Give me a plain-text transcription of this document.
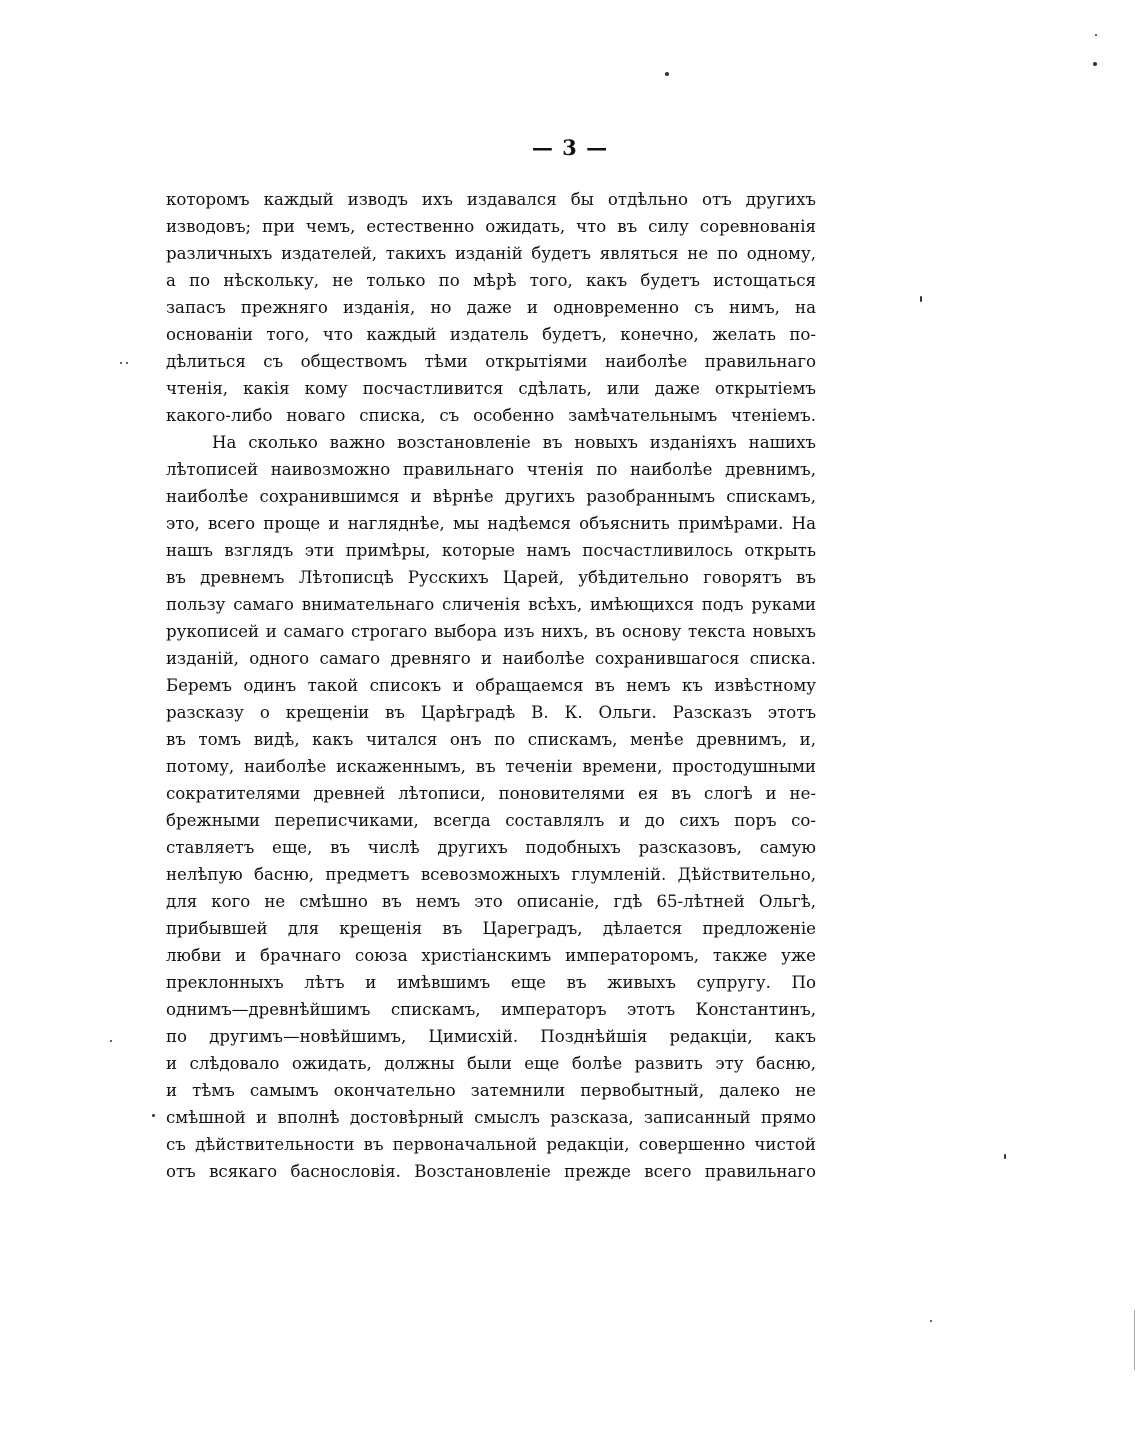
— 3 —
которомъ каждый изводъ ихъ издавался бы отдѣльно отъ другихъ
изводовъ; при чемъ, естественно ожидать, что въ силу соревнованія
различныхъ издателей, такихъ изданій будетъ являться не по одному,
а по нѣскольку, не только по мѣрѣ того, какъ будетъ истощаться
запасъ прежняго изданія, но даже и одновременно съ нимъ, на
основаніи того, что каждый издатель будетъ, конечно, желать по-
дѣлиться съ обществомъ тѣми открытіями наиболѣе правильнаго
чтенія, какія кому посчастливится сдѣлать, или даже открытіемъ
какого-либо новаго списка, съ особенно замѣчательнымъ чтеніемъ.
На сколько важно возстановленіе въ новыхъ изданіяхъ нашихъ
лѣтописей наивозможно правильнаго чтенія по наиболѣе древнимъ,
наиболѣе сохранившимся и вѣрнѣе другихъ разобраннымъ спискамъ,
это, всего проще и нагляднѣе, мы надѣемся объяснить примѣрами. На
нашъ взглядъ эти примѣры, которые намъ посчастливилось открыть
въ древнемъ Лѣтописцѣ Русскихъ Царей, убѣдительно говорятъ въ
пользу самаго внимательнаго сличенія всѣхъ, имѣющихся подъ руками
рукописей и самаго строгаго выбора изъ нихъ, въ основу текста новыхъ
изданій, одного самаго древняго и наиболѣе сохранившагося списка.
Беремъ одинъ такой списокъ и обращаемся въ немъ къ извѣстному
разсказу о крещеніи въ Царѣградѣ В. К. Ольги. Разсказъ этотъ
въ томъ видѣ, какъ читался онъ по спискамъ, менѣе древнимъ, и,
потому, наиболѣе искаженнымъ, въ теченіи времени, простодушными
сократителями древней лѣтописи, поновителями ея въ слогѣ и не-
брежными переписчиками, всегда составлялъ и до сихъ поръ со-
ставляетъ еще, въ числѣ другихъ подобныхъ разсказовъ, самую
нелѣпую басню, предметъ всевозможныхъ глумленій. Дѣйствительно,
для кого не смѣшно въ немъ это описаніе, гдѣ 65-лѣтней Ольгѣ,
прибывшей для крещенія въ Цареградъ, дѣлается предложеніе
любви и брачнаго союза христіанскимъ императоромъ, также уже
преклонныхъ лѣтъ и имѣвшимъ еще въ живыхъ супругу. По
однимъ—древнѣйшимъ спискамъ, императоръ этотъ Константинъ,
по другимъ—новѣйшимъ, Цимисхій. Позднѣйшія редакціи, какъ
и слѣдовало ожидать, должны были еще болѣе развить эту басню,
и тѣмъ самымъ окончательно затемнили первобытный, далеко не
смѣшной и вполнѣ достовѣрный смыслъ разсказа, записанный прямо
съ дѣйствительности въ первоначальной редакціи, совершенно чистой
отъ всякаго баснословія. Возстановленіе прежде всего правильнаго
